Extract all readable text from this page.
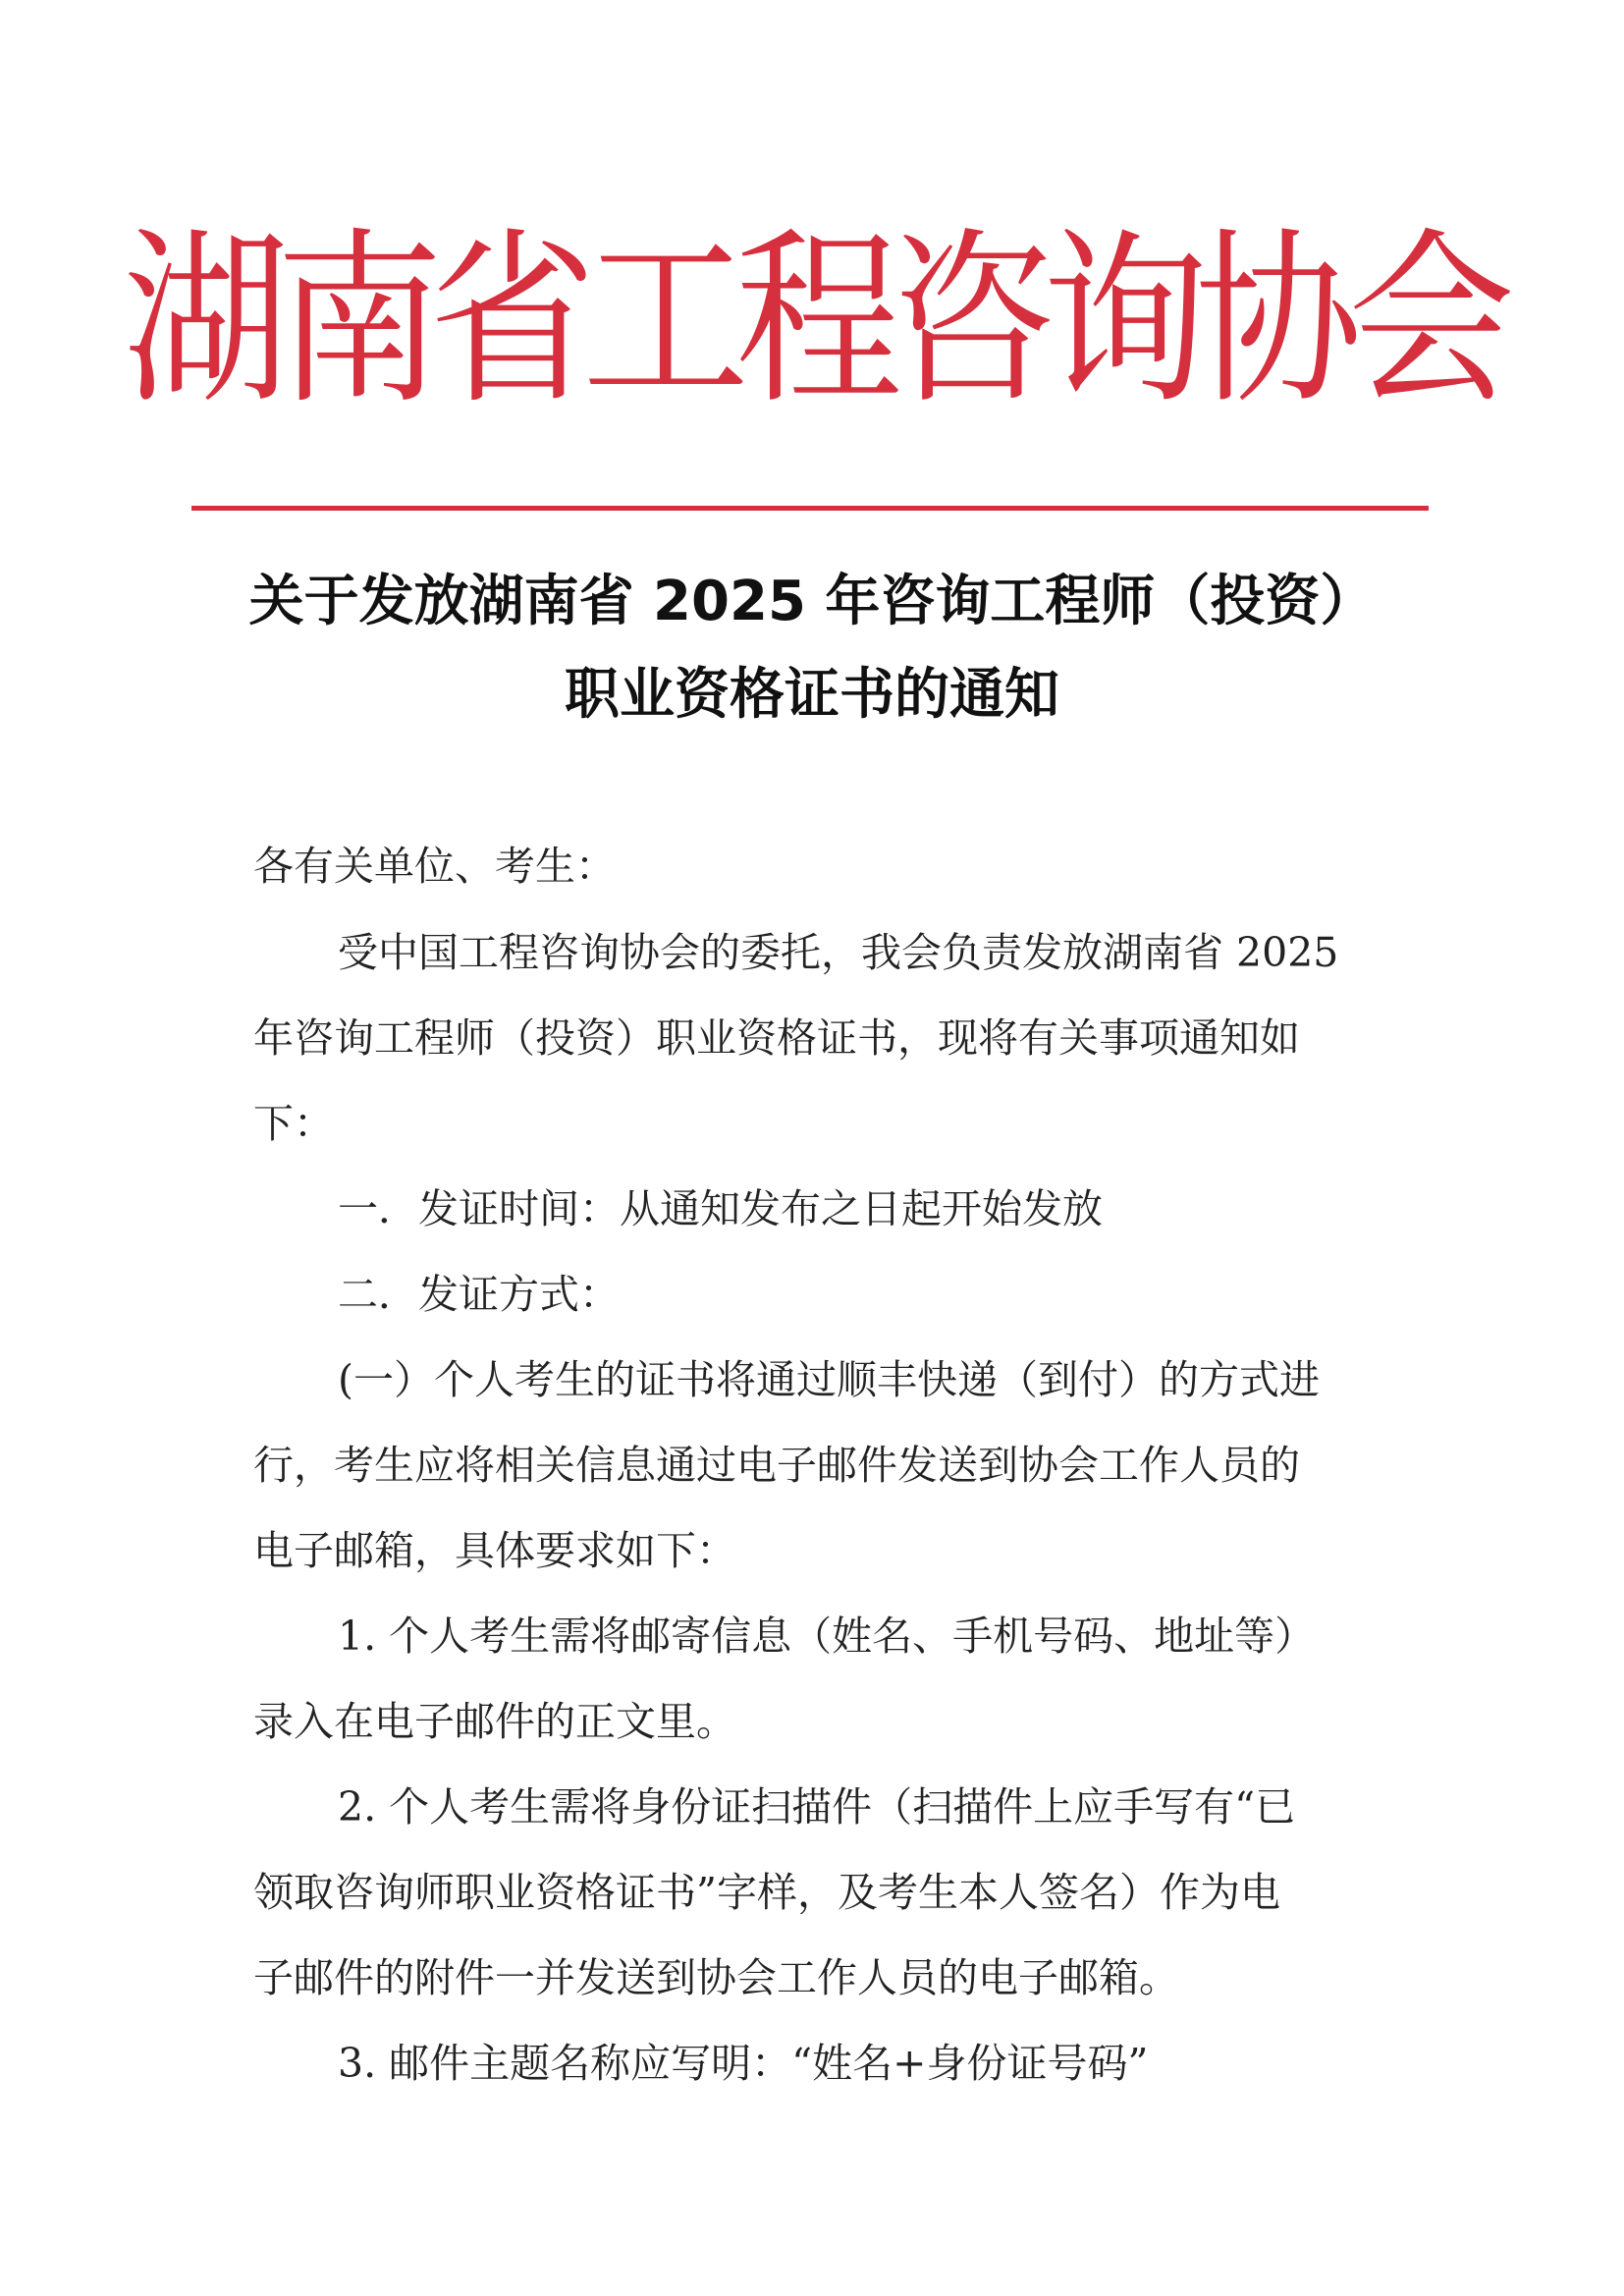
湖南省工程咨询协会
关于发放湖南省 2025 年咨询工程师（投资）
职业资格证书的通知
各有关单位、考生：
受中国工程咨询协会的委托，我会负责发放湖南省 2025
年咨询工程师（投资）职业资格证书，现将有关事项通知如
下：
一．发证时间：从通知发布之日起开始发放
二．发证方式：
(一）个人考生的证书将通过顺丰快递（到付）的方式进
行，考生应将相关信息通过电子邮件发送到协会工作人员的
电子邮箱，具体要求如下：
1. 个人考生需将邮寄信息（姓名、手机号码、地址等）
录入在电子邮件的正文里。
2. 个人考生需将身份证扫描件（扫描件上应手写有“已
领取咨询师职业资格证书”字样，及考生本人签名）作为电
子邮件的附件一并发送到协会工作人员的电子邮箱。
3. 邮件主题名称应写明：“姓名+身份证号码”
